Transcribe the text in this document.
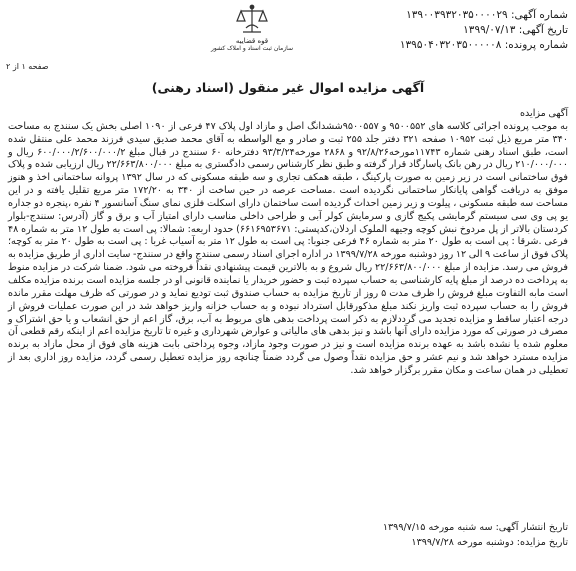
شماره آگهی: ۱۳۹۰۰۳۹۳۲۰۳۵۰۰۰۰۲۹
تاریخ آگهی: ۱۳۹۹/۰۷/۱۳
شماره پرونده: ۱۳۹۵۰۴۰۳۲۰۳۵۰۰۰۰۰۸
قوه قضاییه
سازمان ثبت اسناد و املاک کشور
صفحه ۱ از ۲
آگهی مزایده اموال غیر منقول (اسناد رهنی)

آگهی مزایده

به موجب پرونده اجرائی کلاسه های ۹۵۰۰۵۵۲ و ۹۵۰۰۵۵۷ششدانگ اصل و مازاد اول پلاک ۴۷ فرعی از ۱۰۹۰ اصلی بخش یک سنندج به مساحت ۳۴۰ متر مربع ذیل ثبت ۱۰۹۵۲ صفحه ۳۲۱ دفتر جلد ۲۵۵ ثبت و صادر و مع الواسطه به آقای محمد صدیق سیدی فرزند محمد علی منتقل شده است، طبق اسناد رهنی شماره ۱۱۷۴۳مورخه۹۲/۸/۲۶ و ۲۸۶۸ مورخه۹۳/۳/۲۴ دفترخانه ۶۰ سنندج در قبال مبلغ ۶۰۰/۰۰۰/۲/۶۰۰/۰۰۰/۲ ریال و ۲۱۰/۰۰۰/۰۰۰ ریال در رهن بانک پاسارگاد قرار گرفته و طبق نظر کارشناس رسمی دادگستری به مبلغ ۲۲/۶۶۳/۸۰۰/۰۰۰ ریال ارزیابی شده و پلاک فوق ساختمانی است در زیر زمین به صورت پارکینگ ، طبقه همکف تجاری و سه طبقه مسکونی که در سال ۱۳۹۲ پروانه ساختمانی اخذ و هنوز موفق به دریافت گواهی پایانکار ساختمانی نگردیده است .مساحت عرصه در حین ساخت از ۳۴۰ به ۱۷۲/۲۰ متر مربع تقلیل یافته و در این مساحت سه طبقه مسکونی ، پیلوت و زیر زمین احداث گردیده است ساختمان دارای اسکلت فلزی نمای سنگ آسانسور ۴ نفره ،پنجره دو جداره یو پی وی سی سیستم گرمایشی پکیج گازی و سرمایش کولر آبی و طراحی داخلی مناسب دارای امتیاز آب و برق و گاز (آدرس: سنندج-بلوار کردستان بالاتر از پل مردوخ نبش کوچه وجیهه الملوک اردلان،کدپستی: ۶۶۱۶۹۵۳۶۷۱) حدود اربعه: شمالا: پی است به طول ۱۲ متر به شماره ۴۸ فرعی .شرقا : پی است به طول ۲۰ متر به شماره ۴۶ فرعی جنوبا: پی است به طول ۱۲ متر به آسیاب غربا : پی است به طول ۲۰ متر به کوچه؛ پلاک فوق از ساعت ۹ الی ۱۲ روز دوشنبه مورخه ۱۳۹۹/۷/۲۸ در اداره اجرای اسناد رسمی سنندج واقع در سنندج- سایت اداری از طریق مزایده به فروش می رسد. مزایده از مبلغ ۲۲/۶۶۳/۸۰۰/۰۰۰ ریال شروع و به بالاترین قیمت پیشنهادی نقداً فروخته می شود. ضمنا شرکت در مزایده منوط به پرداخت ده درصد از مبلغ پایه کارشناسی به حساب سپرده ثبت و حضور خریدار یا نماینده قانونی او در جلسه مزایده است برنده مزایده مکلف است مابه التفاوت مبلغ فروش را ظرف مدت ۵ روز از تاریخ مزایده به حساب صندوق ثبت تودیع نماید و در صورتی که ظرف مهلت مقرر مانده فروش را به حساب سپرده ثبت واریز نکند مبلغ مذکورقابل استرداد نبوده و به حساب خزانه واریز خواهد شد در این صورت عملیات فروش از درجه اعتبار ساقط و مزایده تجدید می گرددلازم به ذکر است پرداخت بدهی های مربوط به آب، برق، گاز اعم از حق انشعاب و یا حق اشتراک و مصرف در صورتی که مورد مزایده دارای آنها باشد و نیز بدهی های مالیاتی و عوارض شهرداری و غیره تا تاریخ مزایده اعم از اینکه رقم قطعی آن معلوم شده یا نشده باشد به عهده برنده مزایده است و نیز در صورت وجود مازاد، وجوه پرداختی بابت هزینه های فوق از محل مازاد به برنده مزایده مسترد خواهد شد و نیم عشر و حق مزایده نقداً وصول می گردد ضمناً چنانچه روز مزایده تعطیل رسمی گردد، مزایده روز اداری بعد از تعطیلی در همان ساعت و مکان مقرر برگزار خواهد شد.

تاریخ انتشار آگهی: سه شنبه مورخه ۱۳۹۹/۷/۱۵
تاریخ مزایده: دوشنبه مورخه ۱۳۹۹/۷/۲۸
